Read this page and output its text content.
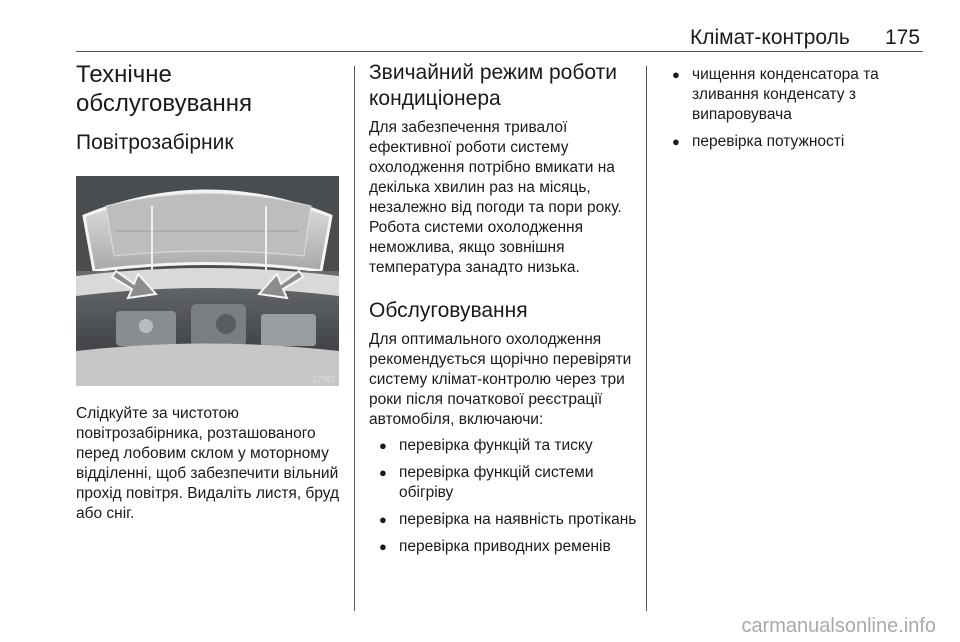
Клімат-контроль 175
Технічне обслуговування
Повітрозабірник
17081

Слідкуйте за чистотою повітрозабірника, розташованого перед лобовим склом у моторному відділенні, щоб забезпечити вільний прохід повітря. Видаліть листя, бруд або сніг.

Звичайний режим роботи кондиціонера

Для забезпечення тривалої ефективної роботи систему охолодження потрібно вмикати на декілька хвилин раз на місяць, незалежно від погоди та пори року. Робота системи охолодження неможлива, якщо зовнішня температура занадто низька.

Обслуговування

Для оптимального охолодження рекомендується щорічно перевіряти систему клімат-контролю через три роки після початкової реєстрації автомобіля, включаючи:

● перевірка функцій та тиску
● перевірка функцій системи обігріву
● перевірка на наявність протікань
● перевірка приводних ременів
● чищення конденсатора та зливання конденсату з випаровувача
● перевірка потужності
carmanualsonline.info
